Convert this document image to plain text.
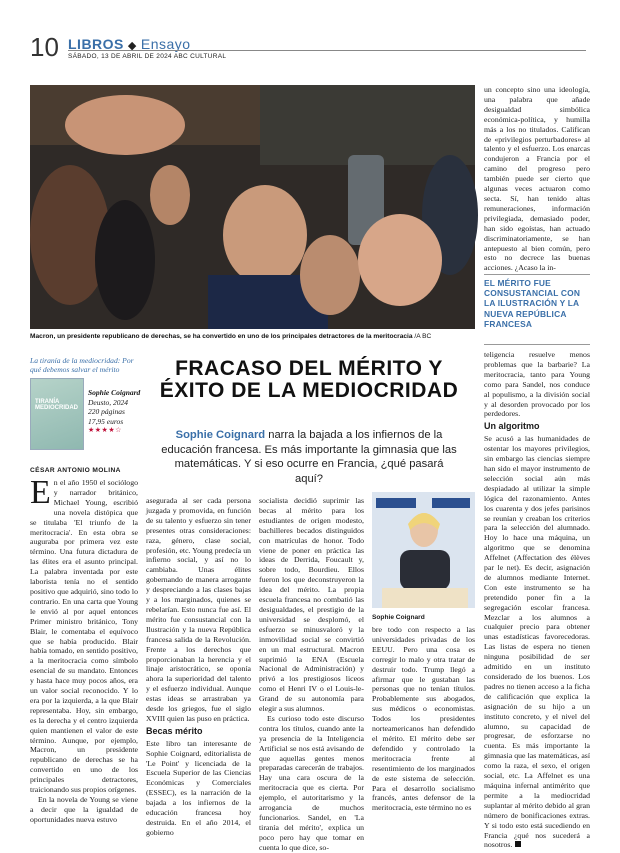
10 LIBROS ◆ Ensayo
SÁBADO, 13 DE ABRIL DE 2024 ABC CULTURAL
Macron, un presidente republicano de derechas, se ha convertido en uno de los principales detractores de la meritocracia /A BC
La tiranía de la mediocridad: Por qué debemos salvar el mérito
TIRANÍA MEDIOCRIDAD
Sophie Coignard
Deusto, 2024
220 páginas
17,95 euros
★★★★☆
FRACASO DEL MÉRITO Y
ÉXITO DE LA MEDIOCRIDAD
Sophie Coignard narra la bajada a los infiernos de la educación francesa. Es más importante la gimnasia que las matemáticas. Y si eso ocurre en Francia, ¿qué pasará aquí?
CÉSAR ANTONIO MOLINA
En el año 1950 el sociólogo y narrador británico, Michael Young, escribió una novela distópica que se titulaba 'El triunfo de la meritocracia'. En esta obra se auguraba por primera vez este término. Una futura dictadura de las élites era el asunto principal. La palabra inventada por este laborista tenía no el sentido positivo que adquirió, sino todo lo contrario. En una carta que Young le envió al por aquel entonces Primer ministro británico, Tony Blair, le comentaba el equívoco que se había producido. Blair había tomado, en sentido positivo, a la meritocracia como símbolo esencial de su mandato. Entonces y hasta hace muy pocos años, era un valor social reconocido. Y lo era por la izquierda, a la que Blair representaba. Hoy, sin embargo, es la derecha y el centro izquierda quien mantienen el valor de este término. Aunque, por ejemplo, Macron, un presidente republicano de derechas se ha convertido en uno de los principales detractores, traicionando sus propios orígenes.
En la novela de Young se viene a decir que la igualdad de oportunidades nueva estuvo
asegurada al ser cada persona juzgada y promovida, en función de su talento y esfuerzo sin tener presentes otras consideraciones: raza, género, clase social, profesión, etc. Young predecía un infierno social, y así no lo cambiaba. Unas élites gobernando de manera arrogante y despreciando a las clases bajas y a los marginados, quienes se rebelarían. Esto nunca fue así. El mérito fue consustancial con la Ilustración y la nueva República francesa salida de la Revolución. Frente a los derechos que proporcionaban la herencia y el linaje aristocrático, se oponía ahora la superioridad del talento y el esfuerzo individual. Aunque estas ideas se arrastraban ya desde los griegos, fue el siglo XVIII quien las puso en práctica.
Becas mérito
Este libro tan interesante de Sophie Coignard, editorialista de 'Le Point' y licenciada de la Escuela Superior de las Ciencias Económicas y Comerciales (ESSEC), es la narración de la bajada a los infiernos de la educación francesa hoy destruida. En el año 2014, el gobierno
socialista decidió suprimir las becas al mérito para los estudiantes de origen modesto, bachilleres becados distinguidos con matrículas de honor. Todo viene de poner en práctica las ideas de Derrida, Foucault y, sobre todo, Bourdieu. Ellos fueron los que deconstruyeron la idea del mérito. La propia escuela francesa no combatió las desigualdades, el prestigio de la universidad se desplomó, el esfuerzo se minusvaloró y la inmovilidad social se convirtió en un mal estructural. Macron suprimió la ENA (Escuela Nacional de Administración) y privó a los prestigiosos liceos como el Henri IV o el Louis-le-Grand de su autonomía para elegir a sus alumnos.
Es curioso todo este discurso contra los títulos, cuando ante la ya presencia de la Inteligencia Artificial se nos está avisando de que aquellas gentes menos preparadas carecerán de trabajos. Hay una cara oscura de la meritocracia que es cierta. Por ejemplo, el autoritarismo y la arrogancia de muchos funcionarios. Sandel, en 'La tiranía del mérito', explica un poco pero hay que tomar en cuenta lo que dice, so-
Sophie Coignard
bre todo con respecto a las universidades privadas de los EEUU. Pero una cosa es corregir lo malo y otra tratar de destruir todo. Trump llegó a afirmar que le gustaban las personas que no tenían títulos. Probablemente sus abogados, sus médicos o economistas. Todos los presidentes norteamericanos han defendido el mérito. El mérito debe ser defendido y controlado la meritocracia frente al resentimiento de los marginados de este sistema de selección. Para el desarrollo socialismo francés, antes defensor de la meritocracia, este término no es
un concepto sino una ideología, una palabra que añade desigualdad simbólica económica-política, y humilla más a los no titulados. Califican de «privilegios perturbadores» al talento y el esfuerzo. Los enarcas condujeron a Francia por el camino del progreso pero también puede ser cierto que algunas veces actuaron como secta. Sí, han tenido altas remuneraciones, información privilegiada, demasiado poder, han sido egoístas, han actuado discriminatoriamente, se han antepuesto al bien común, pero esto no decrece las buenas acciones. ¿Acaso la in-
EL MÉRITO FUE CONSUSTANCIAL CON LA ILUSTRACIÓN Y LA NUEVA REPÚBLICA FRANCESA
teligencia resuelve menos problemas que la barbarie? La meritocracia, tanto para Young como para Sandel, nos conduce al populismo, a la división social y al desorden provocado por los perdedores.
Un algoritmo
Se acusó a las humanidades de ostentar los mayores privilegios, sin embargo las ciencias siempre han sido el mayor instrumento de selección social aún más despiadado al utilizar la simple lógica del razonamiento. Antes los cuarenta y dos jefes parisinos se reunían y creaban los criterios para la selección del alumnado. Hoy lo hace una máquina, un algoritmo que se denomina Affelnet (Affectation des élèves par le net). Es decir, asignación de alumnos mediante Internet. Con este instrumento se ha pretendido poner fin a la segregación escolar francesa. Mezclar a los alumnos a cualquier precio para obtener unas estadísticas favorecedoras. Las listas de espera no tienen ninguna posibilidad de ser admitido en un instituto considerado de los buenos. Los padres no tienen acceso a la ficha de calificación que explica la asignación de su hijo a un instituto concreto, y el nivel del alumno, su capacidad de progresar, de esforzarse no cuenta. Es más importante la gimnasia que las matemáticas, así como la raza, el sexo, el origen social, etc. La Affelnet es una máquina infernal antimérito que permite a la mediocridad suplantar al mérito debido al gran número de bonificaciones extras. Y si todo esto está sucediendo en Francia ¿qué nos sucederá a nosotros.
